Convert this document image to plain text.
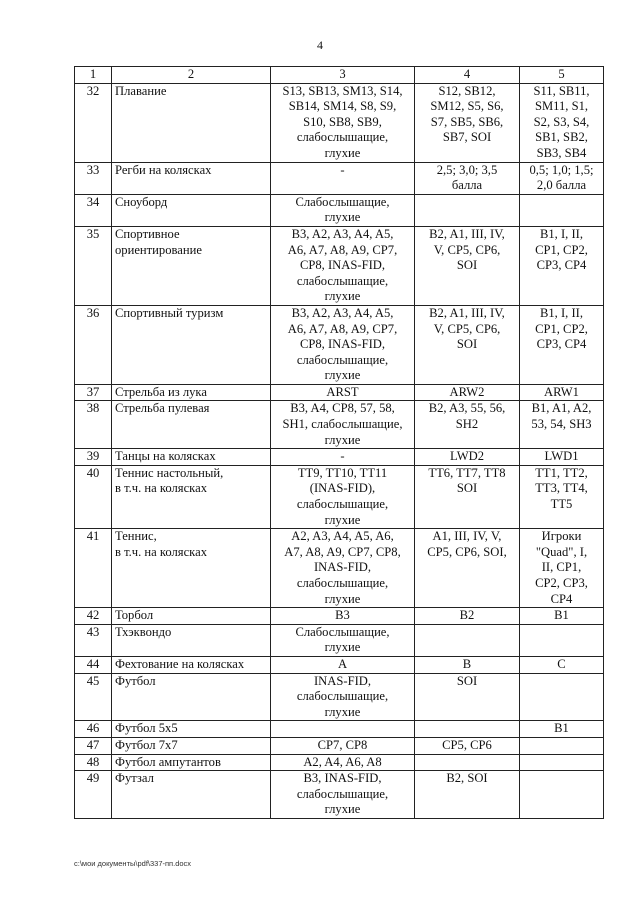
4
1	2	3	4	5
32	Плавание	S13, SB13, SM13, S14,
SB14, SM14, S8, S9,
S10, SB8, SB9,
слабослышащие,
глухие	S12, SB12,
SM12, S5, S6,
S7, SB5, SB6,
SB7, SOI	S11, SB11,
SM11, S1,
S2, S3, S4,
SB1, SB2,
SB3, SB4
33	Регби на колясках	-	2,5; 3,0; 3,5
балла	0,5; 1,0; 1,5;
2,0 балла
34	Сноуборд	Слабослышащие,
глухие		
35	Спортивное
ориентирование	B3, A2, A3, A4, A5,
A6, A7, A8, A9, CP7,
CP8, INAS-FID,
слабослышащие,
глухие	B2, A1, III, IV,
V, CP5, CP6,
SOI	B1, I, II,
CP1, CP2,
CP3, CP4
36	Спортивный туризм	B3, A2, A3, A4, A5,
A6, A7, A8, A9, CP7,
CP8, INAS-FID,
слабослышащие,
глухие	B2, A1, III, IV,
V, CP5, CP6,
SOI	B1, I, II,
CP1, CP2,
CP3, CP4
37	Стрельба из лука	ARST	ARW2	ARW1
38	Стрельба пулевая	B3, A4, CP8, 57, 58,
SH1, слабослышащие,
глухие	B2, A3, 55, 56,
SH2	B1, A1, A2,
53, 54, SH3
39	Танцы на колясках	-	LWD2	LWD1
40	Теннис настольный,
в т.ч. на колясках	TT9, TT10, TT11
(INAS-FID),
слабослышащие,
глухие	TT6, TT7, TT8
SOI	TT1, TT2,
TT3, TT4,
TT5
41	Теннис,
в т.ч. на колясках	A2, A3, A4, A5, A6,
A7, A8, A9, CP7, CP8,
INAS-FID,
слабослышащие,
глухие	A1, III, IV, V,
CP5, CP6, SOI,	Игроки
"Quad", I,
II, CP1,
CP2, CP3,
CP4
42	Торбол	B3	B2	B1
43	Тхэквондо	Слабослышащие,
глухие		
44	Фехтование на колясках	A	B	C
45	Футбол	INAS-FID,
слабослышащие,
глухие	SOI	
46	Футбол 5x5			B1
47	Футбол 7x7	CP7, CP8	CP5, CP6	
48	Футбол ампутантов	A2, A4, A6, A8		
49	Футзал	B3, INAS-FID,
слабослышащие,
глухие	B2, SOI	
c:\мои документы\pdf\337-пп.docx
